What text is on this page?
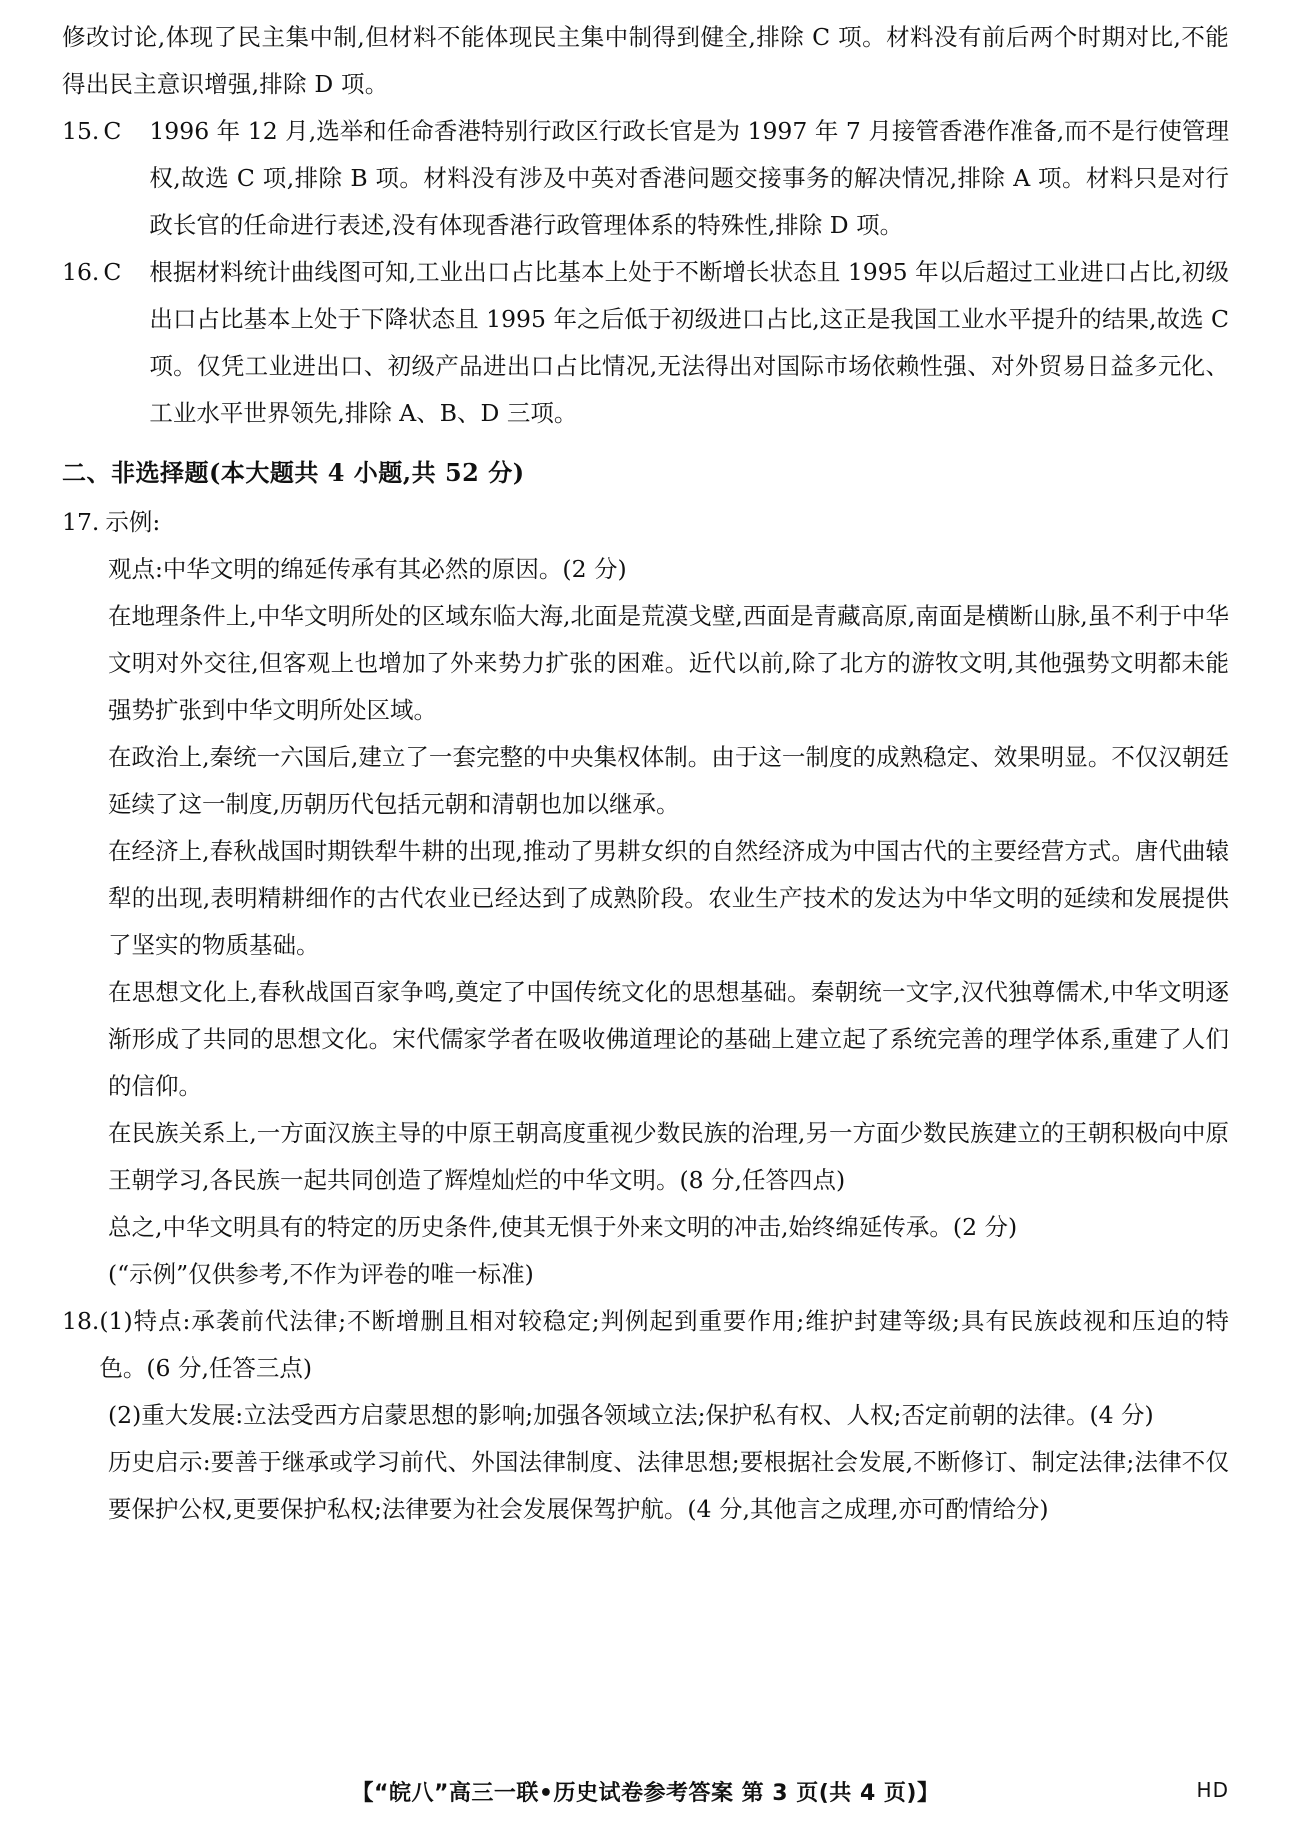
修改讨论,体现了民主集中制,但材料不能体现民主集中制得到健全,排除 C 项。材料没有前后两个时期对比,不能得出民主意识增强,排除 D 项。
15. C	1996 年 12 月,选举和任命香港特别行政区行政长官是为 1997 年 7 月接管香港作准备,而不是行使管理权,故选 C 项,排除 B 项。材料没有涉及中英对香港问题交接事务的解决情况,排除 A 项。材料只是对行政长官的任命进行表述,没有体现香港行政管理体系的特殊性,排除 D 项。
16. C	根据材料统计曲线图可知,工业出口占比基本上处于不断增长状态且 1995 年以后超过工业进口占比,初级出口占比基本上处于下降状态且 1995 年之后低于初级进口占比,这正是我国工业水平提升的结果,故选 C 项。仅凭工业进出口、初级产品进出口占比情况,无法得出对国际市场依赖性强、对外贸易日益多元化、工业水平世界领先,排除 A、B、D 三项。
二、非选择题(本大题共 4 小题,共 52 分)
17. 示例:
观点:中华文明的绵延传承有其必然的原因。(2 分)
在地理条件上,中华文明所处的区域东临大海,北面是荒漠戈壁,西面是青藏高原,南面是横断山脉,虽不利于中华文明对外交往,但客观上也增加了外来势力扩张的困难。近代以前,除了北方的游牧文明,其他强势文明都未能强势扩张到中华文明所处区域。
在政治上,秦统一六国后,建立了一套完整的中央集权体制。由于这一制度的成熟稳定、效果明显。不仅汉朝廷延续了这一制度,历朝历代包括元朝和清朝也加以继承。
在经济上,春秋战国时期铁犁牛耕的出现,推动了男耕女织的自然经济成为中国古代的主要经营方式。唐代曲辕犁的出现,表明精耕细作的古代农业已经达到了成熟阶段。农业生产技术的发达为中华文明的延续和发展提供了坚实的物质基础。
在思想文化上,春秋战国百家争鸣,奠定了中国传统文化的思想基础。秦朝统一文字,汉代独尊儒术,中华文明逐渐形成了共同的思想文化。宋代儒家学者在吸收佛道理论的基础上建立起了系统完善的理学体系,重建了人们的信仰。
在民族关系上,一方面汉族主导的中原王朝高度重视少数民族的治理,另一方面少数民族建立的王朝积极向中原王朝学习,各民族一起共同创造了辉煌灿烂的中华文明。(8 分,任答四点)
总之,中华文明具有的特定的历史条件,使其无惧于外来文明的冲击,始终绵延传承。(2 分)
(“示例”仅供参考,不作为评卷的唯一标准)
18. (1)特点:承袭前代法律;不断增删且相对较稳定;判例起到重要作用;维护封建等级;具有民族歧视和压迫的特色。(6 分,任答三点)
(2)重大发展:立法受西方启蒙思想的影响;加强各领域立法;保护私有权、人权;否定前朝的法律。(4 分)
历史启示:要善于继承或学习前代、外国法律制度、法律思想;要根据社会发展,不断修订、制定法律;法律不仅要保护公权,更要保护私权;法律要为社会发展保驾护航。(4 分,其他言之成理,亦可酌情给分)
【“皖八”高三一联•历史试卷参考答案 第 3 页(共 4 页)】	HD
